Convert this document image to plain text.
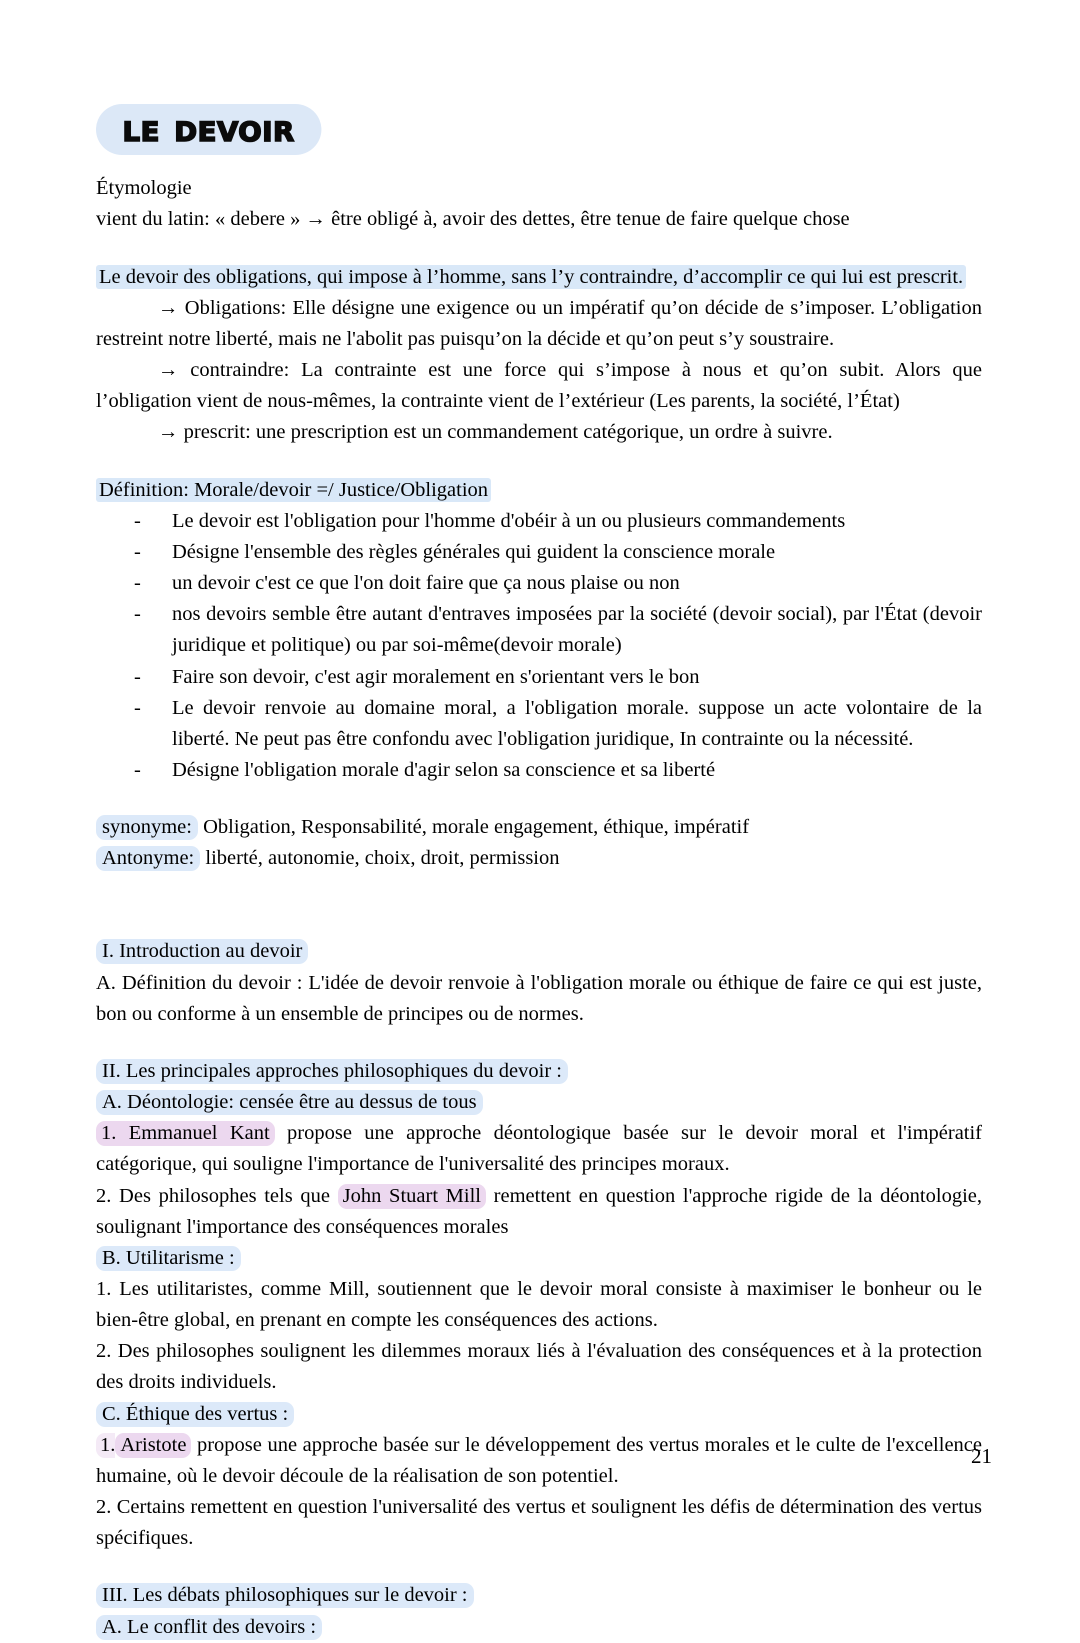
le devoir

Étymologie

vient du latin: « debere » → être obligé à, avoir des dettes, être tenue de faire quelque chose

Le devoir des obligations, qui impose à l’homme, sans l’y contraindre, d’accomplir ce qui lui est prescrit.

→ Obligations: Elle désigne une exigence ou un impératif qu’on décide de s’imposer. L’obligation restreint notre liberté, mais ne l'abolit pas puisqu’on la décide et qu’on peut s’y soustraire.

→ contraindre: La contrainte est une force qui s’impose à nous et qu’on subit. Alors que l’obligation vient de nous-mêmes, la contrainte vient de l’extérieur (Les parents, la société, l’État)

→ prescrit: une prescription est un commandement catégorique, un ordre à suivre.

Définition: Morale/devoir =/ Justice/Obligation

- Le devoir est l'obligation pour l'homme d'obéir à un ou plusieurs commandements
- Désigne l'ensemble des règles générales qui guident la conscience morale
- un devoir c'est ce que l'on doit faire que ça nous plaise ou non
- nos devoirs semble être autant d'entraves imposées par la société (devoir social), par l'État (devoir juridique et politique) ou par soi-même(devoir morale)
- Faire son devoir, c'est agir moralement en s'orientant vers le bon
- Le devoir renvoie au domaine moral, a l'obligation morale. suppose un acte volontaire de la liberté. Ne peut pas être confondu avec l'obligation juridique, In contrainte ou la nécessité.
- Désigne l'obligation morale d'agir selon sa conscience et sa liberté

synonyme: Obligation, Responsabilité, morale engagement, éthique, impératif

Antonyme: liberté, autonomie, choix, droit, permission

I. Introduction au devoir

A. Définition du devoir : L'idée de devoir renvoie à l'obligation morale ou éthique de faire ce qui est juste, bon ou conforme à un ensemble de principes ou de normes.

II. Les principales approches philosophiques du devoir :

A. Déontologie: censée être au dessus de tous

1. Emmanuel Kant propose une approche déontologique basée sur le devoir moral et l'impératif catégorique, qui souligne l'importance de l'universalité des principes moraux.

2. Des philosophes tels que John Stuart Mill remettent en question l'approche rigide de la déontologie, soulignant l'importance des conséquences morales

B. Utilitarisme :

1. Les utilitaristes, comme Mill, soutiennent que le devoir moral consiste à maximiser le bonheur ou le bien-être global, en prenant en compte les conséquences des actions.

2. Des philosophes soulignent les dilemmes moraux liés à l'évaluation des conséquences et à la protection des droits individuels.

C. Éthique des vertus :

1. Aristote propose une approche basée sur le développement des vertus morales et le culte de l'excellence humaine, où le devoir découle de la réalisation de son potentiel.

2. Certains remettent en question l'universalité des vertus et soulignent les défis de détermination des vertus spécifiques.

III. Les débats philosophiques sur le devoir :

A. Le conflit des devoirs :

21
